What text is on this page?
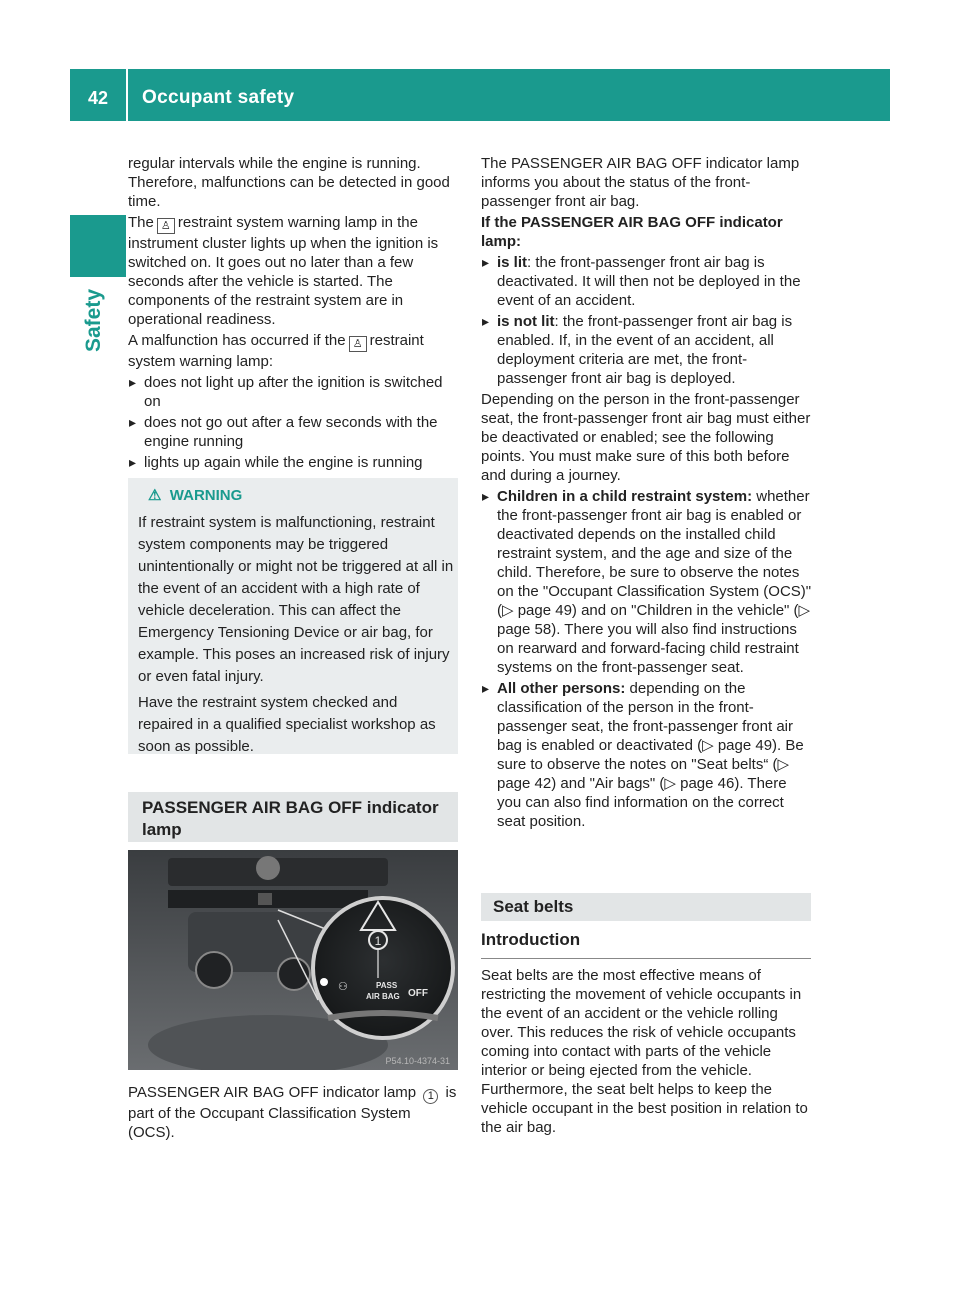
42	Occupant safety
Safety

regular intervals while the engine is running. Therefore, malfunctions can be detected in good time.

The ♙ restraint system warning lamp in the instrument cluster lights up when the ignition is switched on. It goes out no later than a few seconds after the vehicle is started. The components of the restraint system are in operational readiness.

A malfunction has occurred if the ♙ restraint system warning lamp:

▸ does not light up after the ignition is switched on
▸ does not go out after a few seconds with the engine running
▸ lights up again while the engine is running
⚠ WARNING

If restraint system is malfunctioning, restraint system components may be triggered unintentionally or might not be triggered at all in the event of an accident with a high rate of vehicle deceleration. This can affect the Emergency Tensioning Device or air bag, for example. This poses an increased risk of injury or even fatal injury.

Have the restraint system checked and repaired in a qualified specialist workshop as soon as possible.

PASSENGER AIR BAG OFF indicator lamp
1
⚇	PASS
AIR BAG OFF
P54.10-4374-31

PASSENGER AIR BAG OFF indicator lamp 1 is part of the Occupant Classification System (OCS).

The PASSENGER AIR BAG OFF indicator lamp informs you about the status of the front-passenger front air bag.

If the PASSENGER AIR BAG OFF indicator lamp:

▸ is lit: the front-passenger front air bag is deactivated. It will then not be deployed in the event of an accident.
▸ is not lit: the front-passenger front air bag is enabled. If, in the event of an accident, all deployment criteria are met, the front-passenger front air bag is deployed.

Depending on the person in the front-passenger seat, the front-passenger front air bag must either be deactivated or enabled; see the following points. You must make sure of this both before and during a journey.

▸ Children in a child restraint system: whether the front-passenger front air bag is enabled or deactivated depends on the installed child restraint system, and the age and size of the child. Therefore, be sure to observe the notes on the "Occupant Classification System (OCS)" (▷ page 49) and on "Children in the vehicle" (▷ page 58). There you will also find instructions on rearward and forward-facing child restraint systems on the front-passenger seat.
▸ All other persons: depending on the classification of the person in the front-passenger seat, the front-passenger front air bag is enabled or deactivated (▷ page 49). Be sure to observe the notes on "Seat belts“ (▷ page 42) and "Air bags" (▷ page 46). There you can also find information on the correct seat position.
Seat belts
Introduction

Seat belts are the most effective means of restricting the movement of vehicle occupants in the event of an accident or the vehicle rolling over. This reduces the risk of vehicle occupants coming into contact with parts of the vehicle interior or being ejected from the vehicle. Furthermore, the seat belt helps to keep the vehicle occupant in the best position in relation to the air bag.
